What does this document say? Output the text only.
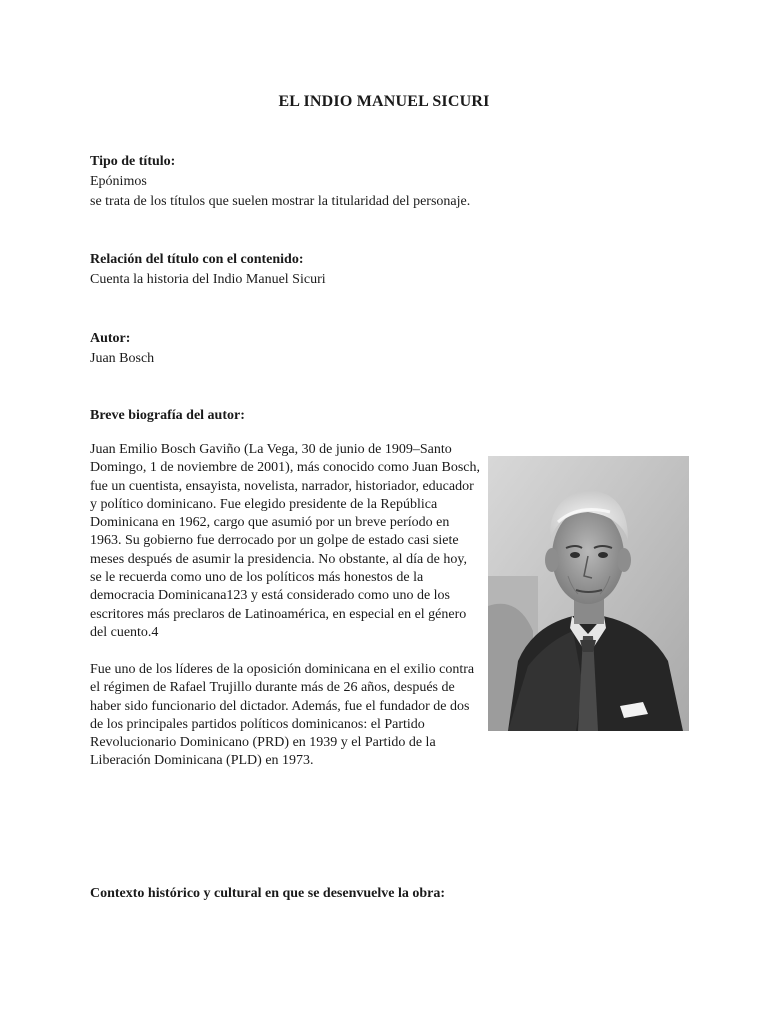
EL INDIO MANUEL SICURI

Tipo de título:

Epónimos

se trata de los títulos que suelen mostrar la titularidad del personaje.

Relación del título con el contenido:

Cuenta la historia del Indio Manuel Sicuri

Autor:

Juan Bosch

Breve biografía del autor:

Juan Emilio Bosch Gaviño (La Vega, 30 de junio de 1909–Santo Domingo, 1 de noviembre de 2001), más conocido como Juan Bosch, fue un cuentista, ensayista, novelista, narrador, historiador, educador y político dominicano. Fue elegido presidente de la República Dominicana en 1962, cargo que asumió por un breve período en 1963. Su gobierno fue derrocado por un golpe de estado casi siete meses después de asumir la presidencia. No obstante, al día de hoy, se le recuerda como uno de los políticos más honestos de la democracia Dominicana123 y está considerado como uno de los escritores más preclaros de Latinoamérica, en especial en el género del cuento.4

Fue uno de los líderes de la oposición dominicana en el exilio contra el régimen de Rafael Trujillo durante más de 26 años, después de haber sido funcionario del dictador. Además, fue el fundador de dos de los principales partidos políticos dominicanos: el Partido Revolucionario Dominicano (PRD) en 1939 y el Partido de la Liberación Dominicana (PLD) en 1973.

Contexto histórico y cultural en que se desenvuelve la obra:
